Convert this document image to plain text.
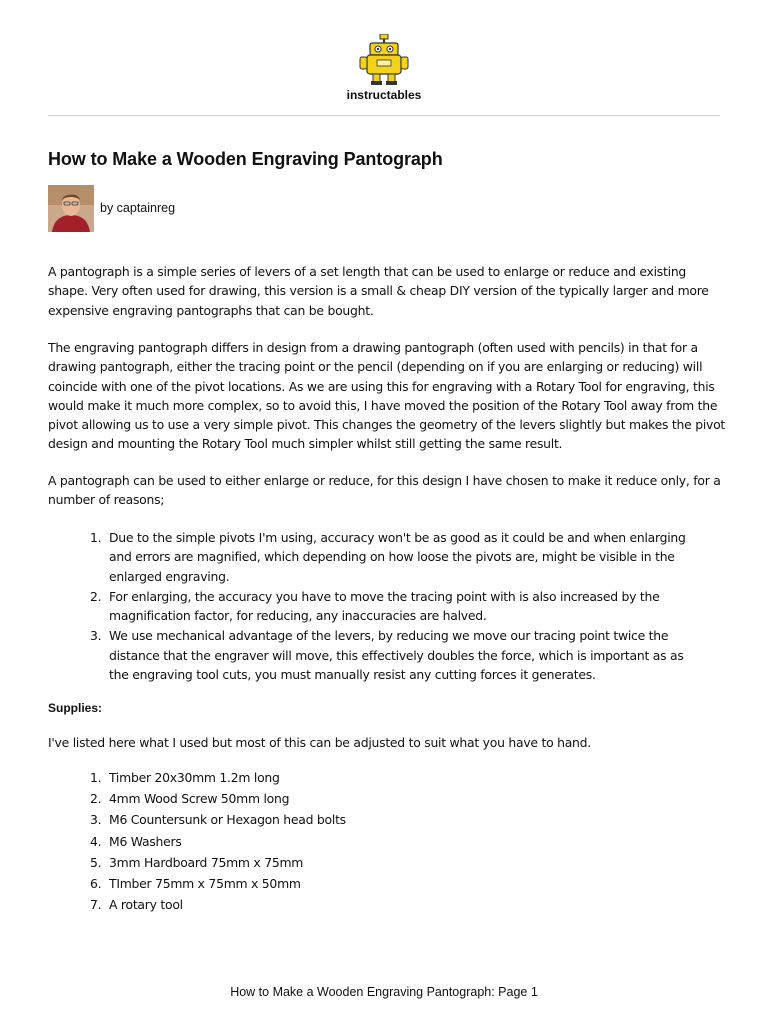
instructables
How to Make a Wooden Engraving Pantograph
by captainreg

A pantograph is a simple series of levers of a set length that can be used to enlarge or reduce and existing shape. Very often used for drawing, this version is a small & cheap DIY version of the typically larger and more expensive engraving pantographs that can be bought.

The engraving pantograph differs in design from a drawing pantograph (often used with pencils) in that for a drawing pantograph, either the tracing point or the pencil (depending on if you are enlarging or reducing) will coincide with one of the pivot locations. As we are using this for engraving with a Rotary Tool for engraving, this would make it much more complex, so to avoid this, I have moved the position of the Rotary Tool away from the pivot allowing us to use a very simple pivot. This changes the geometry of the levers slightly but makes the pivot design and mounting the Rotary Tool much simpler whilst still getting the same result.

A pantograph can be used to either enlarge or reduce, for this design I have chosen to make it reduce only, for a number of reasons;

1. Due to the simple pivots I'm using, accuracy won't be as good as it could be and when enlarging and errors are magnified, which depending on how loose the pivots are, might be visible in the enlarged engraving.
2. For enlarging, the accuracy you have to move the tracing point with is also increased by the magnification factor, for reducing, any inaccuracies are halved.
3. We use mechanical advantage of the levers, by reducing we move our tracing point twice the distance that the engraver will move, this effectively doubles the force, which is important as as the engraving tool cuts, you must manually resist any cutting forces it generates.
Supplies:

I've listed here what I used but most of this can be adjusted to suit what you have to hand.

1. Timber 20x30mm 1.2m long
2. 4mm Wood Screw 50mm long
3. M6 Countersunk or Hexagon head bolts
4. M6 Washers
5. 3mm Hardboard 75mm x 75mm
6. TImber 75mm x 75mm x 50mm
7. A rotary tool
How to Make a Wooden Engraving Pantograph: Page 1
